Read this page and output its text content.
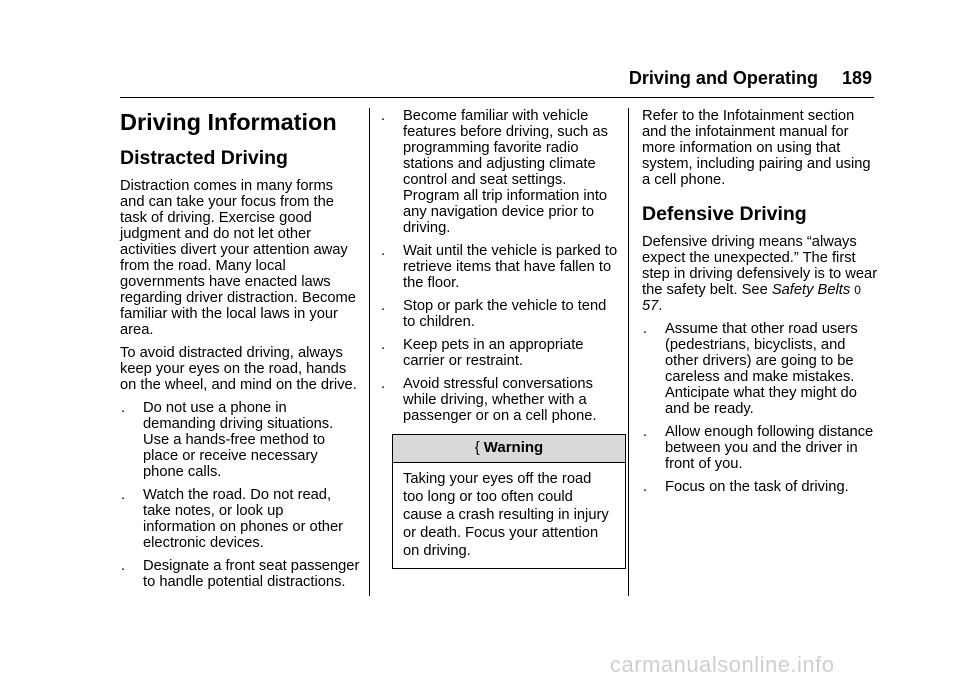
Driving and Operating 189
Driving Information
Distracted Driving

Distraction comes in many forms and can take your focus from the task of driving. Exercise good judgment and do not let other activities divert your attention away from the road. Many local governments have enacted laws regarding driver distraction. Become familiar with the local laws in your area.

To avoid distracted driving, always keep your eyes on the road, hands on the wheel, and mind on the drive.

. Do not use a phone in demanding driving situations. Use a hands-free method to place or receive necessary phone calls.
. Watch the road. Do not read, take notes, or look up information on phones or other electronic devices.
. Designate a front seat passenger to handle potential distractions.
. Become familiar with vehicle features before driving, such as programming favorite radio stations and adjusting climate control and seat settings. Program all trip information into any navigation device prior to driving.
. Wait until the vehicle is parked to retrieve items that have fallen to the floor.
. Stop or park the vehicle to tend to children.
. Keep pets in an appropriate carrier or restraint.
. Avoid stressful conversations while driving, whether with a passenger or on a cell phone.
{ Warning
Taking your eyes off the road too long or too often could cause a crash resulting in injury or death. Focus your attention on driving.

Refer to the Infotainment section and the infotainment manual for more information on using that system, including pairing and using a cell phone.

Defensive Driving

Defensive driving means “always expect the unexpected.” The first step in driving defensively is to wear the safety belt. See Safety Belts 0 57.

. Assume that other road users (pedestrians, bicyclists, and other drivers) are going to be careless and make mistakes. Anticipate what they might do and be ready.
. Allow enough following distance between you and the driver in front of you.
. Focus on the task of driving.
carmanualsonline.info
